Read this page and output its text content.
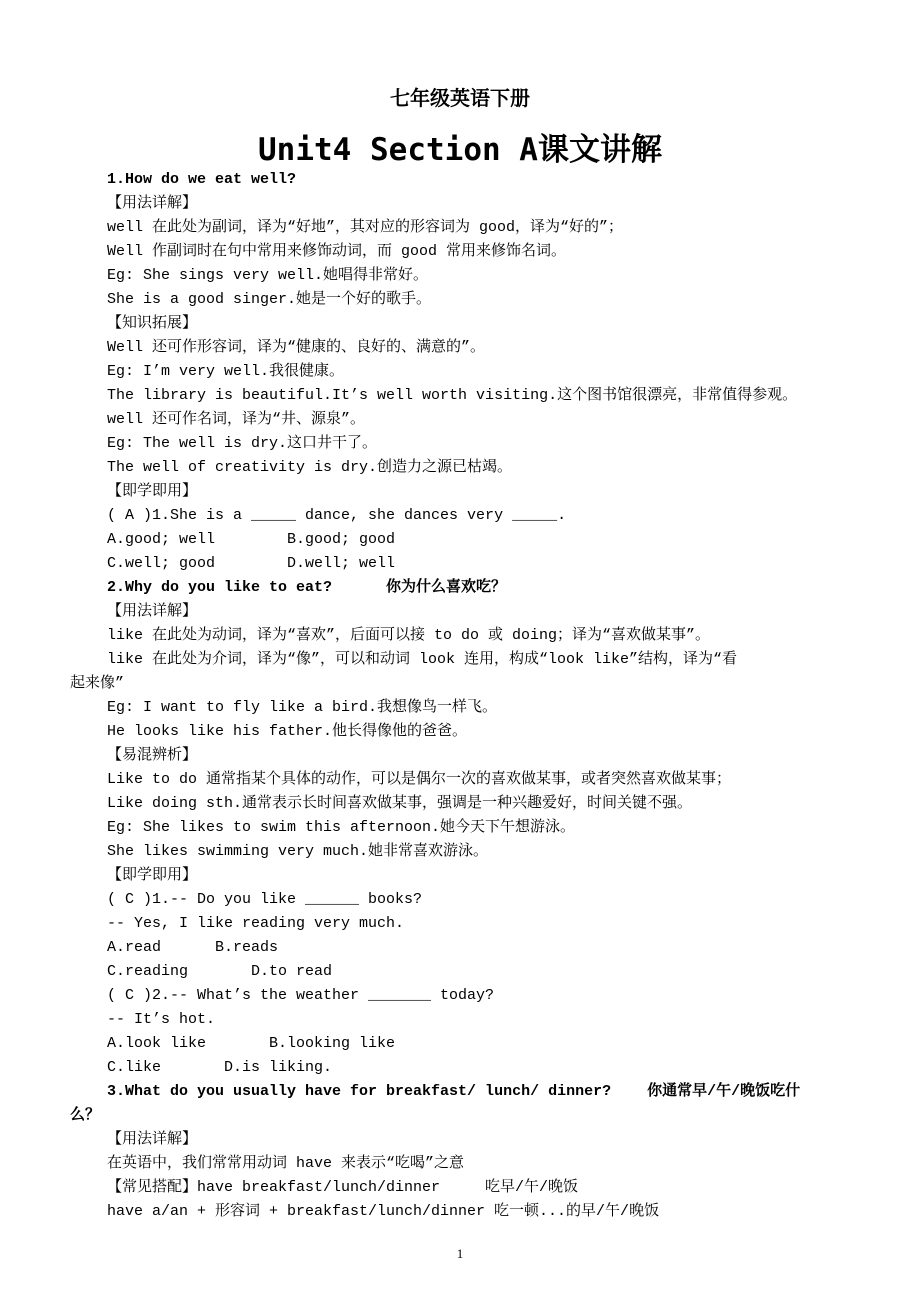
七年级英语下册
Unit4 Section A课文讲解
1.How do we eat well?
【用法详解】
well 在此处为副词，译为“好地”，其对应的形容词为 good，译为“好的”；
Well 作副词时在句中常用来修饰动词，而 good 常用来修饰名词。
Eg: She sings very well.她唱得非常好。
She is a good singer.她是一个好的歌手。
【知识拓展】
Well 还可作形容词，译为“健康的、良好的、满意的”。
Eg: I’m very well.我很健康。
The library is beautiful.It’s well worth visiting.这个图书馆很漂亮，非常值得参观。
well 还可作名词，译为“井、源泉”。
Eg: The well is dry.这口井干了。
The well of creativity is dry.创造力之源已枯竭。
【即学即用】
( A )1.She is a _____ dance, she dances very _____.
A.good; well        B.good; good
C.well; good        D.well; well
2.Why do you like to eat?      你为什么喜欢吃？
【用法详解】
like 在此处为动词，译为“喜欢”，后面可以接 to do 或 doing；译为“喜欢做某事”。
like 在此处为介词，译为“像”，可以和动词 look 连用，构成“look like”结构，译为“看
起来像”
Eg: I want to fly like a bird.我想像鸟一样飞。
He looks like his father.他长得像他的爸爸。
【易混辨析】
Like to do 通常指某个具体的动作，可以是偶尔一次的喜欢做某事，或者突然喜欢做某事；
Like doing sth.通常表示长时间喜欢做某事，强调是一种兴趣爱好，时间关键不强。
Eg: She likes to swim this afternoon.她今天下午想游泳。
She likes swimming very much.她非常喜欢游泳。
【即学即用】
( C )1.-- Do you like ______ books?
-- Yes, I like reading very much.
A.read      B.reads
C.reading       D.to read
( C )2.-- What’s the weather _______ today?
-- It’s hot.
A.look like       B.looking like
C.like       D.is liking.
3.What do you usually have for breakfast/ lunch/ dinner?    你通常早/午/晚饭吃什
么？
【用法详解】
在英语中，我们常常用动词 have 来表示“吃喝”之意
【常见搭配】have breakfast/lunch/dinner     吃早/午/晚饭
have a/an + 形容词 + breakfast/lunch/dinner 吃一顿...的早/午/晚饭
1
